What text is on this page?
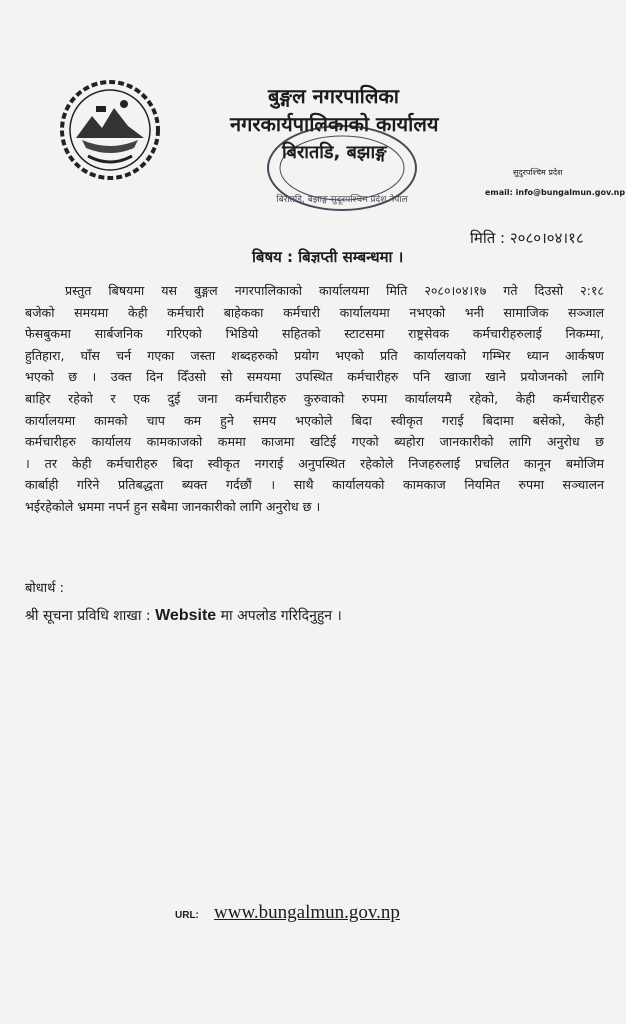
बिरातडि, बझाङ्ग सुदूरपश्चिम प्रदेश नेपाल
बुङ्गल नगरपालिका
नगरकार्यपालिकाको कार्यालय
बिरातडि, बझाङ्ग
सुदुरपश्चिम प्रदेश
email: info@bungalmun.gov.np
मिति : २०८०।०४।१८
बिषय : बिज्ञप्ती सम्बन्धमा ।
प्रस्तुत बिषयमा यस बुङ्गल नगरपालिकाको कार्यालयमा मिति २०८०।०४।१७ गते दिउसो २:१८
बजेको समयमा केही कर्मचारी बाहेकका कर्मचारी कार्यालयमा नभएको भनी सामाजिक सञ्जाल
फेसबुकमा सार्बजनिक गरिएको भिडियो सहितको स्टाटसमा राष्ट्रसेवक कर्मचारीहरुलाई निकम्मा,
हुतिहारा, घाँस चर्न गएका जस्ता शब्दहरुको प्रयोग भएको प्रति कार्यालयको गम्भिर ध्यान आर्कषण
भएको छ । उक्त दिन दिँउसो सो समयमा उपस्थित कर्मचारीहरु पनि खाजा खाने प्रयोजनको लागि
बाहिर रहेको र एक दुई जना कर्मचारीहरु कुरुवाको रुपमा कार्यालयमै रहेको, केही कर्मचारीहरु
कार्यालयमा कामको चाप कम हुने समय भएकोले बिदा स्वीकृत गराई बिदामा बसेको, केही
कर्मचारीहरु कार्यालय कामकाजको कममा काजमा खटिई गएको ब्यहोरा जानकारीको लागि अनुरोध छ
। तर केही कर्मचारीहरु बिदा स्वीकृत नगराई अनुपस्थित रहेकोले निजहरुलाई प्रचलित कानून बमोजिम
कार्बाही गरिने प्रतिबद्धता ब्यक्त गर्दछौं । साथै कार्यालयको कामकाज नियमित रुपमा सञ्चालन
भईरहेकोले भ्रममा नपर्न हुन सबैमा जानकारीको लागि अनुरोध छ ।
बोधार्थ :
श्री सूचना प्रविधि शाखा : Website मा अपलोड गरिदिनुहुन ।
URL: www.bungalmun.gov.np
